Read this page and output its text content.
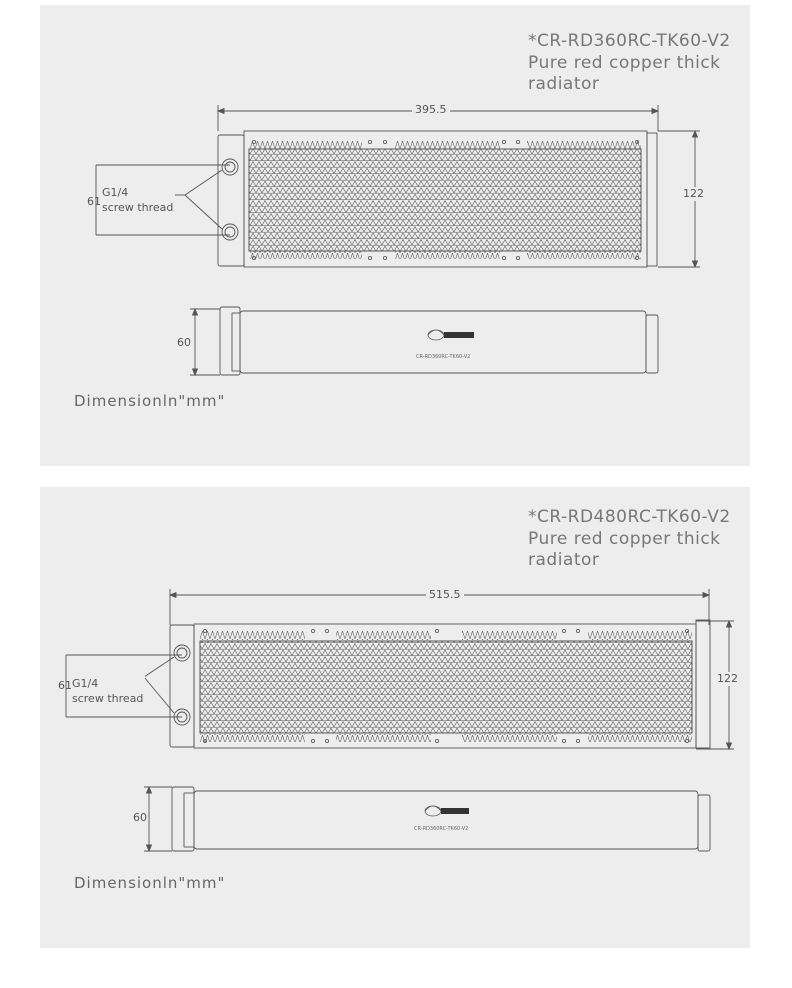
*CR-RD360RC-TK60-V2

Pure red copper thick radiator

395.5
122
61
G1/4
screw thread
60
CR-RD360RC-TK60-V2
Dimensionln"mm"
*CR-RD480RC-TK60-V2

Pure red copper thick radiator

515.5
122
61 G1/4
screw thread
60
CR-RD360RC-TK60-V2
Dimensionln"mm"
